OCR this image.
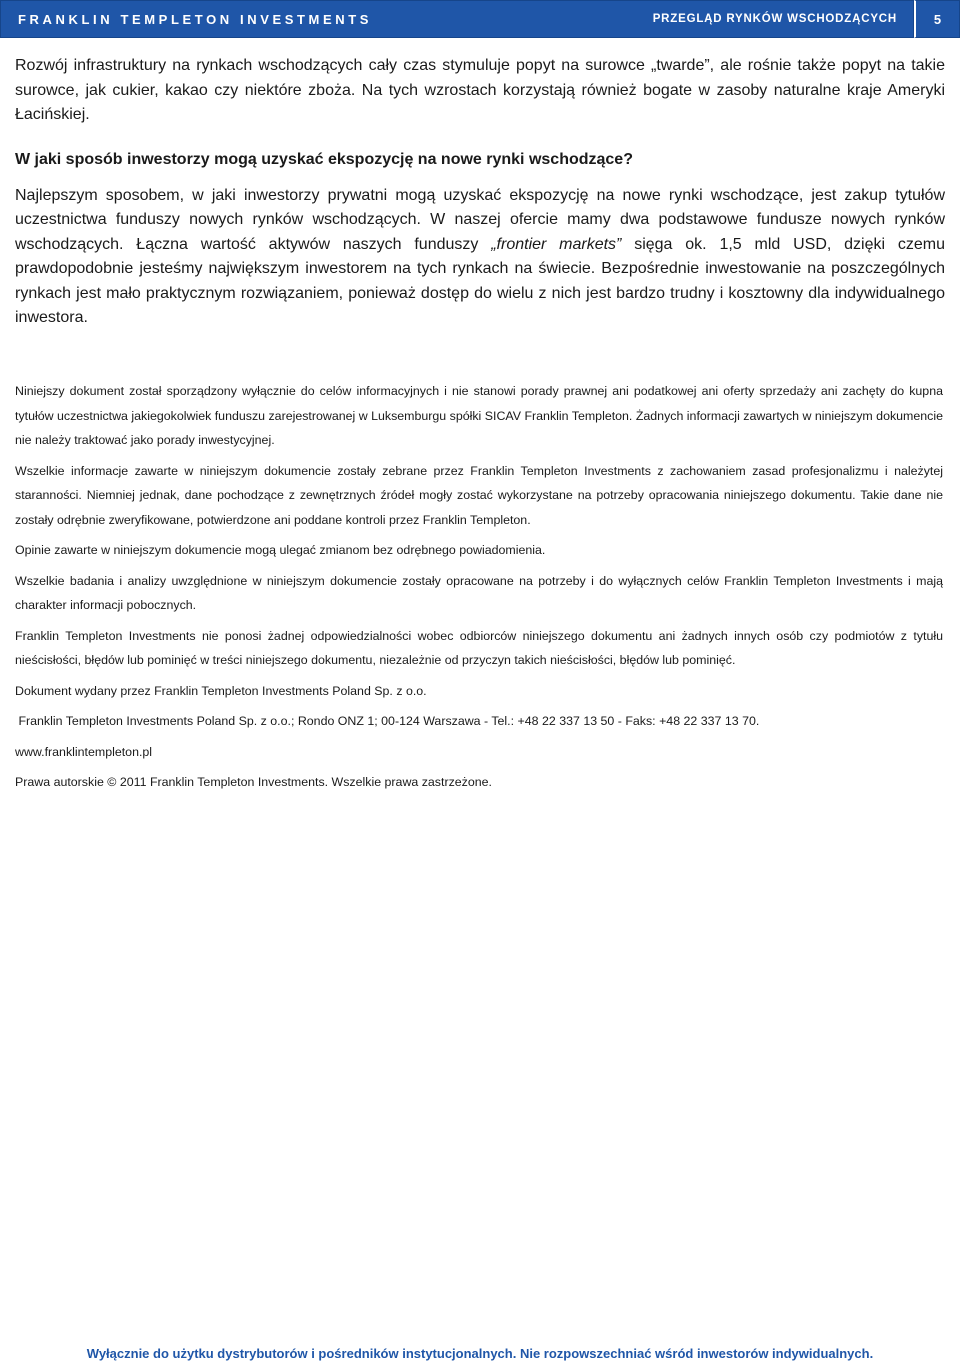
FRANKLIN TEMPLETON INVESTMENTS	PRZEGLĄD RYNKÓW WSCHODZĄCYCH	5

Rozwój infrastruktury na rynkach wschodzących cały czas stymuluje popyt na surowce „twarde”, ale rośnie także popyt na takie surowce, jak cukier, kakao czy niektóre zboża. Na tych wzrostach korzystają również bogate w zasoby naturalne kraje Ameryki Łacińskiej.

W jaki sposób inwestorzy mogą uzyskać ekspozycję na nowe rynki wschodzące?

Najlepszym sposobem, w jaki inwestorzy prywatni mogą uzyskać ekspozycję na nowe rynki wschodzące, jest zakup tytułów uczestnictwa funduszy nowych rynków wschodzących. W naszej ofercie mamy dwa podstawowe fundusze nowych rynków wschodzących. Łączna wartość aktywów naszych funduszy „frontier markets” sięga ok. 1,5 mld USD, dzięki czemu prawdopodobnie jesteśmy największym inwestorem na tych rynkach na świecie. Bezpośrednie inwestowanie na poszczególnych rynkach jest mało praktycznym rozwiązaniem, ponieważ dostęp do wielu z nich jest bardzo trudny i kosztowny dla indywidualnego inwestora.

Niniejszy dokument został sporządzony wyłącznie do celów informacyjnych i nie stanowi porady prawnej ani podatkowej ani oferty sprzedaży ani zachęty do kupna tytułów uczestnictwa jakiegokolwiek funduszu zarejestrowanej w Luksemburgu spółki SICAV Franklin Templeton. Żadnych informacji zawartych w niniejszym dokumencie nie należy traktować jako porady inwestycyjnej.

Wszelkie informacje zawarte w niniejszym dokumencie zostały zebrane przez Franklin Templeton Investments z zachowaniem zasad profesjonalizmu i należytej staranności. Niemniej jednak, dane pochodzące z zewnętrznych źródeł mogły zostać wykorzystane na potrzeby opracowania niniejszego dokumentu. Takie dane nie zostały odrębnie zweryfikowane, potwierdzone ani poddane kontroli przez Franklin Templeton.

Opinie zawarte w niniejszym dokumencie mogą ulegać zmianom bez odrębnego powiadomienia.

Wszelkie badania i analizy uwzględnione w niniejszym dokumencie zostały opracowane na potrzeby i do wyłącznych celów Franklin Templeton Investments i mają charakter informacji pobocznych.

Franklin Templeton Investments nie ponosi żadnej odpowiedzialności wobec odbiorców niniejszego dokumentu ani żadnych innych osób czy podmiotów z tytułu nieścisłości, błędów lub pominięć w treści niniejszego dokumentu, niezależnie od przyczyn takich nieścisłości, błędów lub pominięć.

Dokument wydany przez Franklin Templeton Investments Poland Sp. z o.o.

Franklin Templeton Investments Poland Sp. z o.o.; Rondo ONZ 1; 00-124 Warszawa - Tel.: +48 22 337 13 50 - Faks: +48 22 337 13 70.

www.franklintempleton.pl

Prawa autorskie © 2011 Franklin Templeton Investments. Wszelkie prawa zastrzeżone.

Wyłącznie do użytku dystrybutorów i pośredników instytucjonalnych. Nie rozpowszechniać wśród inwestorów indywidualnych.
